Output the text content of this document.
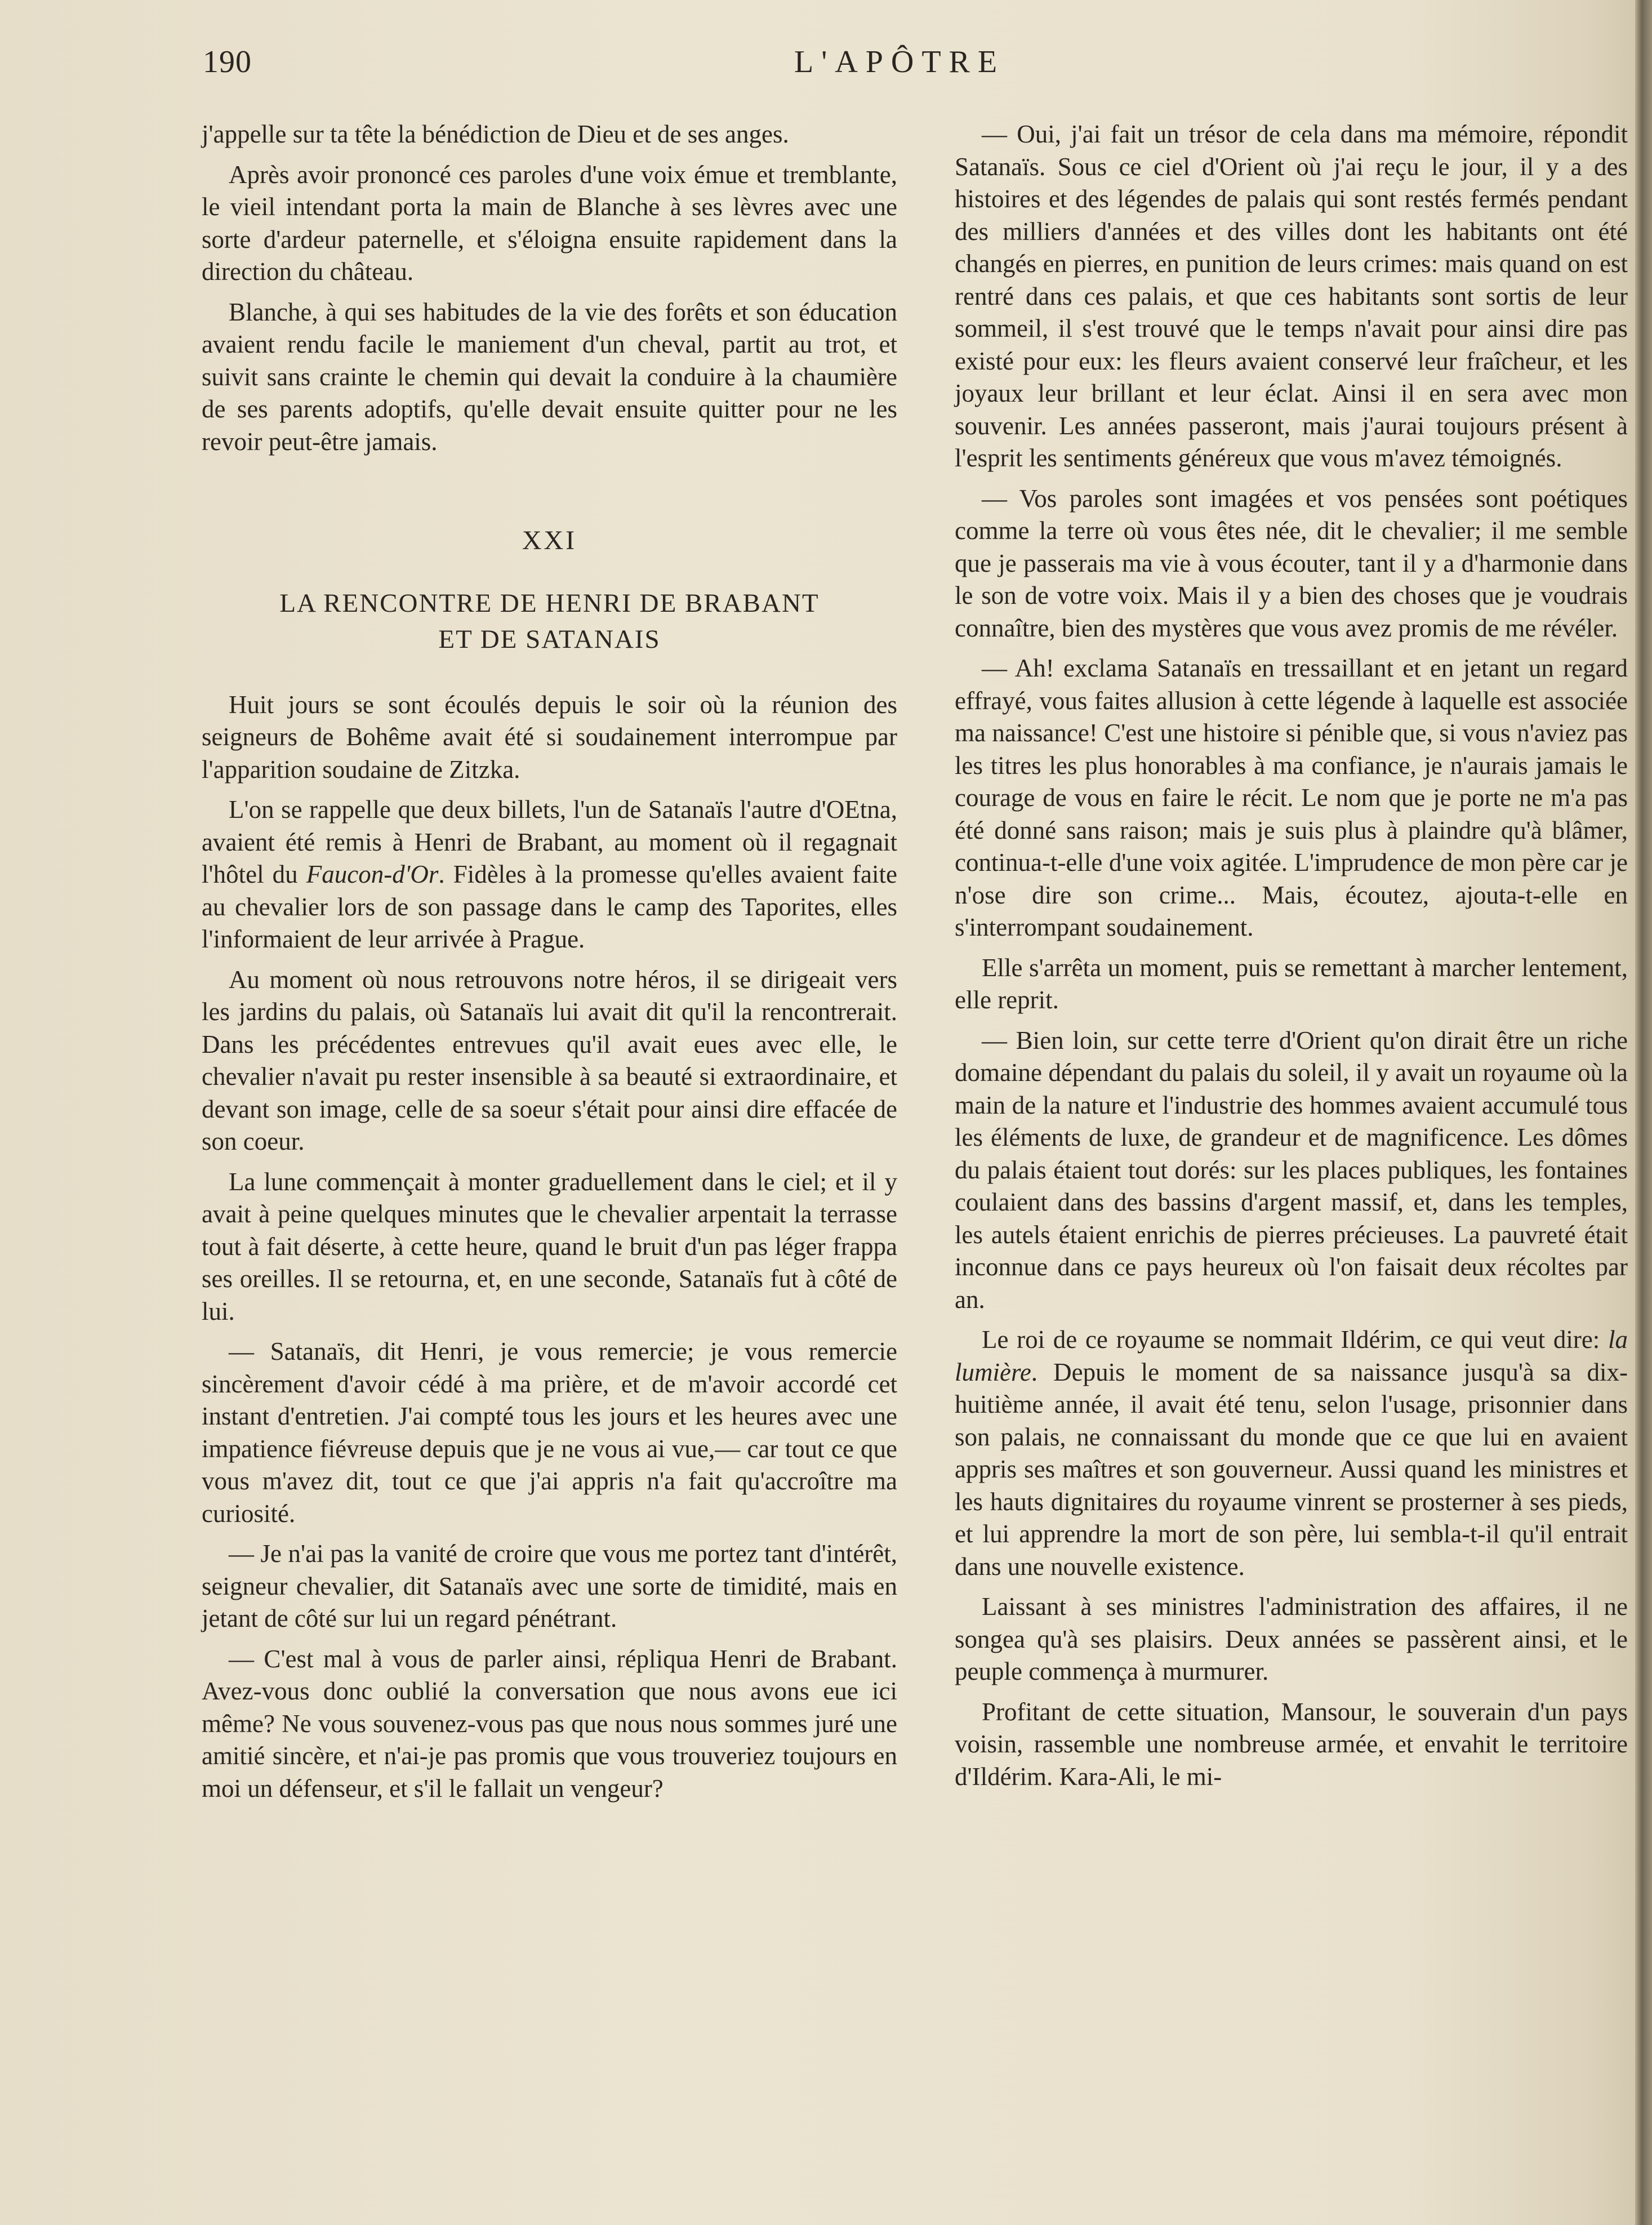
190	L'APÔTRE

j'appelle sur ta tête la bénédiction de Dieu et de ses anges.

Après avoir prononcé ces paroles d'une voix émue et tremblante, le vieil intendant porta la main de Blanche à ses lèvres avec une sorte d'ardeur paternelle, et s'éloigna ensuite rapidement dans la direction du château.

Blanche, à qui ses habitudes de la vie des forêts et son éducation avaient rendu facile le maniement d'un cheval, partit au trot, et suivit sans crainte le chemin qui devait la conduire à la chaumière de ses parents adoptifs, qu'elle devait ensuite quitter pour ne les revoir peut-être jamais.

XXI
LA RENCONTRE DE HENRI DE BRABANT
ET DE SATANAIS

Huit jours se sont écoulés depuis le soir où la réunion des seigneurs de Bohême avait été si soudainement interrompue par l'apparition soudaine de Zitzka.

L'on se rappelle que deux billets, l'un de Satanaïs l'autre d'OEtna, avaient été remis à Henri de Brabant, au moment où il regagnait l'hôtel du Faucon-d'Or. Fidèles à la promesse qu'elles avaient faite au chevalier lors de son passage dans le camp des Taporites, elles l'informaient de leur arrivée à Prague.

Au moment où nous retrouvons notre héros, il se dirigeait vers les jardins du palais, où Satanaïs lui avait dit qu'il la rencontrerait. Dans les précédentes entrevues qu'il avait eues avec elle, le chevalier n'avait pu rester insensible à sa beauté si extraordinaire, et devant son image, celle de sa soeur s'était pour ainsi dire effacée de son coeur.

La lune commençait à monter graduellement dans le ciel; et il y avait à peine quelques minutes que le chevalier arpentait la terrasse tout à fait déserte, à cette heure, quand le bruit d'un pas léger frappa ses oreilles. Il se retourna, et, en une seconde, Satanaïs fut à côté de lui.

— Satanaïs, dit Henri, je vous remercie; je vous remercie sincèrement d'avoir cédé à ma prière, et de m'avoir accordé cet instant d'entretien. J'ai compté tous les jours et les heures avec une impatience fiévreuse depuis que je ne vous ai vue,— car tout ce que vous m'avez dit, tout ce que j'ai appris n'a fait qu'accroître ma curiosité.

— Je n'ai pas la vanité de croire que vous me portez tant d'intérêt, seigneur chevalier, dit Satanaïs avec une sorte de timidité, mais en jetant de côté sur lui un regard pénétrant.

— C'est mal à vous de parler ainsi, répliqua Henri de Brabant. Avez-vous donc oublié la conversation que nous avons eue ici même? Ne vous souvenez-vous pas que nous nous sommes juré une amitié sincère, et n'ai-je pas promis que vous trouveriez toujours en moi un défenseur, et s'il le fallait un vengeur?

— Oui, j'ai fait un trésor de cela dans ma mémoire, répondit Satanaïs. Sous ce ciel d'Orient où j'ai reçu le jour, il y a des histoires et des légendes de palais qui sont restés fermés pendant des milliers d'années et des villes dont les habitants ont été changés en pierres, en punition de leurs crimes: mais quand on est rentré dans ces palais, et que ces habitants sont sortis de leur sommeil, il s'est trouvé que le temps n'avait pour ainsi dire pas existé pour eux: les fleurs avaient conservé leur fraîcheur, et les joyaux leur brillant et leur éclat. Ainsi il en sera avec mon souvenir. Les années passeront, mais j'aurai toujours présent à l'esprit les sentiments généreux que vous m'avez témoignés.

— Vos paroles sont imagées et vos pensées sont poétiques comme la terre où vous êtes née, dit le chevalier; il me semble que je passerais ma vie à vous écouter, tant il y a d'harmonie dans le son de votre voix. Mais il y a bien des choses que je voudrais connaître, bien des mystères que vous avez promis de me révéler.

— Ah! exclama Satanaïs en tressaillant et en jetant un regard effrayé, vous faites allusion à cette légende à laquelle est associée ma naissance! C'est une histoire si pénible que, si vous n'aviez pas les titres les plus honorables à ma confiance, je n'aurais jamais le courage de vous en faire le récit. Le nom que je porte ne m'a pas été donné sans raison; mais je suis plus à plaindre qu'à blâmer, continua-t-elle d'une voix agitée. L'imprudence de mon père car je n'ose dire son crime... Mais, écoutez, ajouta-t-elle en s'interrompant soudainement.

Elle s'arrêta un moment, puis se remettant à marcher lentement, elle reprit.

— Bien loin, sur cette terre d'Orient qu'on dirait être un riche domaine dépendant du palais du soleil, il y avait un royaume où la main de la nature et l'industrie des hommes avaient accumulé tous les éléments de luxe, de grandeur et de magnificence. Les dômes du palais étaient tout dorés: sur les places publiques, les fontaines coulaient dans des bassins d'argent massif, et, dans les temples, les autels étaient enrichis de pierres précieuses. La pauvreté était inconnue dans ce pays heureux où l'on faisait deux récoltes par an.

Le roi de ce royaume se nommait Ildérim, ce qui veut dire: la lumière. Depuis le moment de sa naissance jusqu'à sa dix-huitième année, il avait été tenu, selon l'usage, prisonnier dans son palais, ne connaissant du monde que ce que lui en avaient appris ses maîtres et son gouverneur. Aussi quand les ministres et les hauts dignitaires du royaume vinrent se prosterner à ses pieds, et lui apprendre la mort de son père, lui sembla-t-il qu'il entrait dans une nouvelle existence.

Laissant à ses ministres l'administration des affaires, il ne songea qu'à ses plaisirs. Deux années se passèrent ainsi, et le peuple commença à murmurer.

Profitant de cette situation, Mansour, le souverain d'un pays voisin, rassemble une nombreuse armée, et envahit le territoire d'Ildérim. Kara-Ali, le mi-
